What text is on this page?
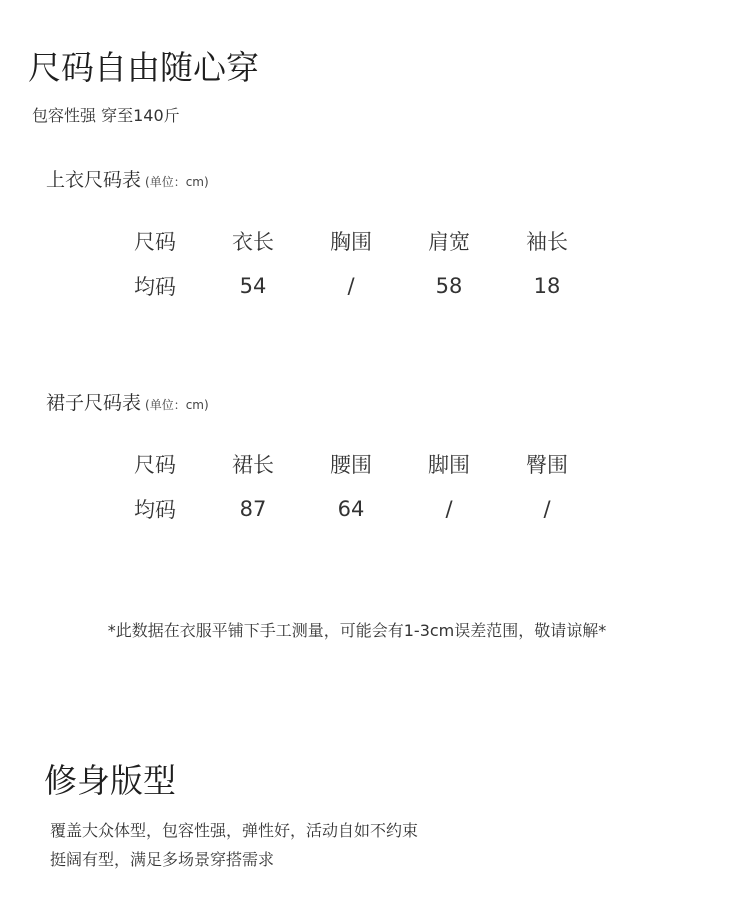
尺码自由随心穿
包容性强 穿至140斤
上衣尺码表 (单位：cm)
尺码	衣长	胸围	肩宽	袖长
均码	54	/	58	18
裙子尺码表 (单位：cm)
尺码	裙长	腰围	脚围	臀围
均码	87	64	/	/
*此数据在衣服平铺下手工测量，可能会有1-3cm误差范围，敬请谅解*
修身版型
覆盖大众体型，包容性强，弹性好，活动自如不约束
挺阔有型，满足多场景穿搭需求
